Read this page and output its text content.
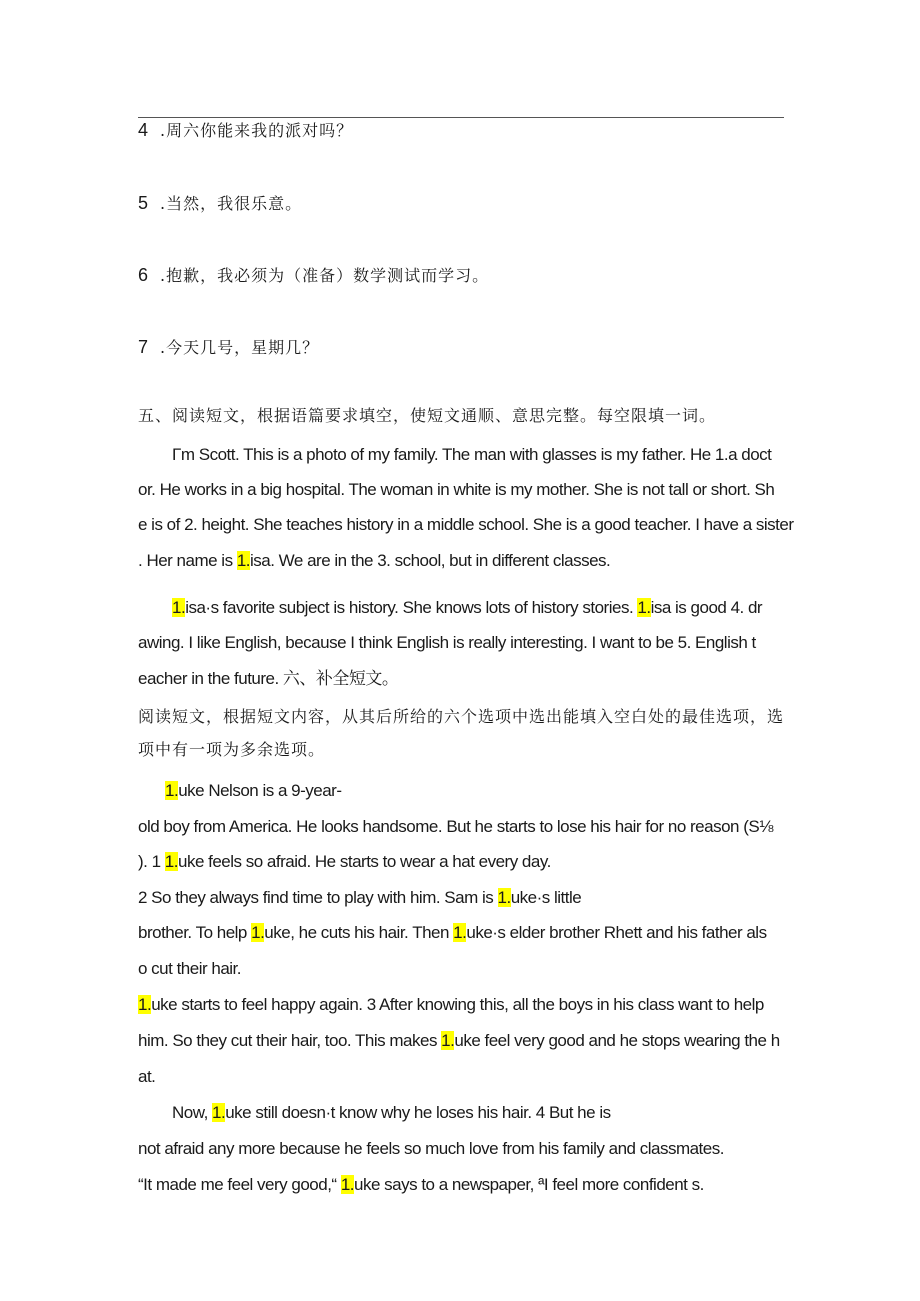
4 .周六你能来我的派对吗？
5 .当然，我很乐意。
6 .抱歉，我必须为（准备）数学测试而学习。
7 .今天几号，星期几？
五、阅读短文，根据语篇要求填空，使短文通顺、意思完整。每空限填一词。
Γm Scott. This is a photo of my family. The man with glasses is my father. He 1.a doct
or. He works in a big hospital. The woman in white is my mother. She is not tall or short. Sh
e is of 2. height. She teaches history in a middle school. She is a good teacher. I have a sister
. Her name is 1.isa. We are in the 3. school, but in different classes.
1.isa·s favorite subject is history. She knows lots of history stories. 1.isa is good 4. dr
awing. I like English, because I think English is really interesting. I want to be 5. English t
eacher in the future. 六、补全短文。
阅读短文，根据短文内容，从其后所给的六个选项中选出能填入空白处的最佳选项，选
项中有一项为多余选项。
1.uke Nelson is a 9-year-
old boy from America. He looks handsome. But he starts to lose his hair for no reason (S⅛
). 1 1.uke feels so afraid. He starts to wear a hat every day.
2 So they always find time to play with him. Sam is 1.uke·s little
brother. To help 1.uke, he cuts his hair. Then 1.uke·s elder brother Rhett and his father als
o cut their hair.
1.uke starts to feel happy again. 3 After knowing this, all the boys in his class want to help
him. So they cut their hair, too. This makes 1.uke feel very good and he stops wearing the h
at.
Now, 1.uke still doesn·t know why he loses his hair. 4 But he is
not afraid any more because he feels so much love from his family and classmates.
“It made me feel very good,“ 1.uke says to a newspaper, ªI feel more confident s.
